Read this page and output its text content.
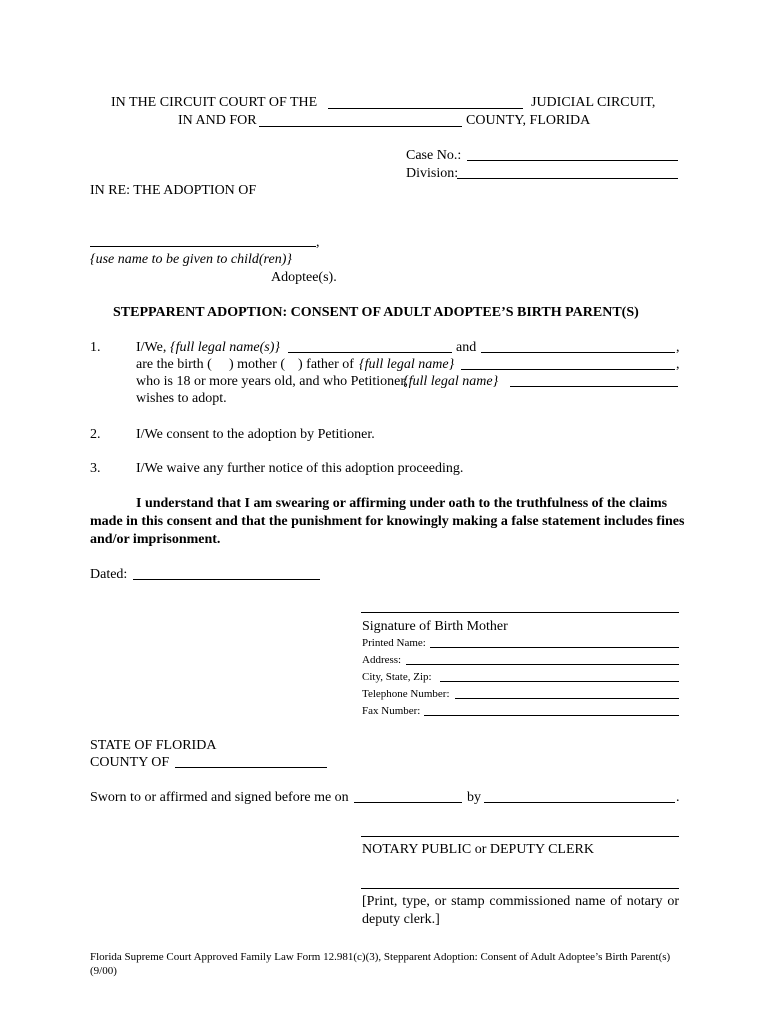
IN THE CIRCUIT COURT OF THE	JUDICIAL CIRCUIT,
IN AND FOR	COUNTY, FLORIDA
Case No.:
Division:
IN RE: THE ADOPTION OF
,
{use name to be given to child(ren)}
Adoptee(s).
STEPPARENT ADOPTION: CONSENT OF ADULT ADOPTEE’S BIRTH PARENT(S)
1.	I/We, {full legal name(s)}	and	,
are the birth ( ) mother ( ) father of {full legal name}	,
who is 18 or more years old, and who Petitioner,
{full legal name}
wishes to adopt.
2.	I/We consent to the adoption by Petitioner.
3.	I/We waive any further notice of this adoption proceeding.
I understand that I am swearing or affirming under oath to the truthfulness of the claims
made in this consent and that the punishment for knowingly making a false statement includes fines
and/or imprisonment.
Dated:
Signature of Birth Mother
Printed Name:
Address:
City, State, Zip:
Telephone Number:
Fax Number:
STATE OF FLORIDA
COUNTY OF
Sworn to or affirmed and signed before me on	by	.
NOTARY PUBLIC or DEPUTY CLERK
[Print, type, or stamp commissioned name of notary or
deputy clerk.]
Florida Supreme Court Approved Family Law Form 12.981(c)(3), Stepparent Adoption: Consent of Adult Adoptee’s Birth Parent(s)
(9/00)
